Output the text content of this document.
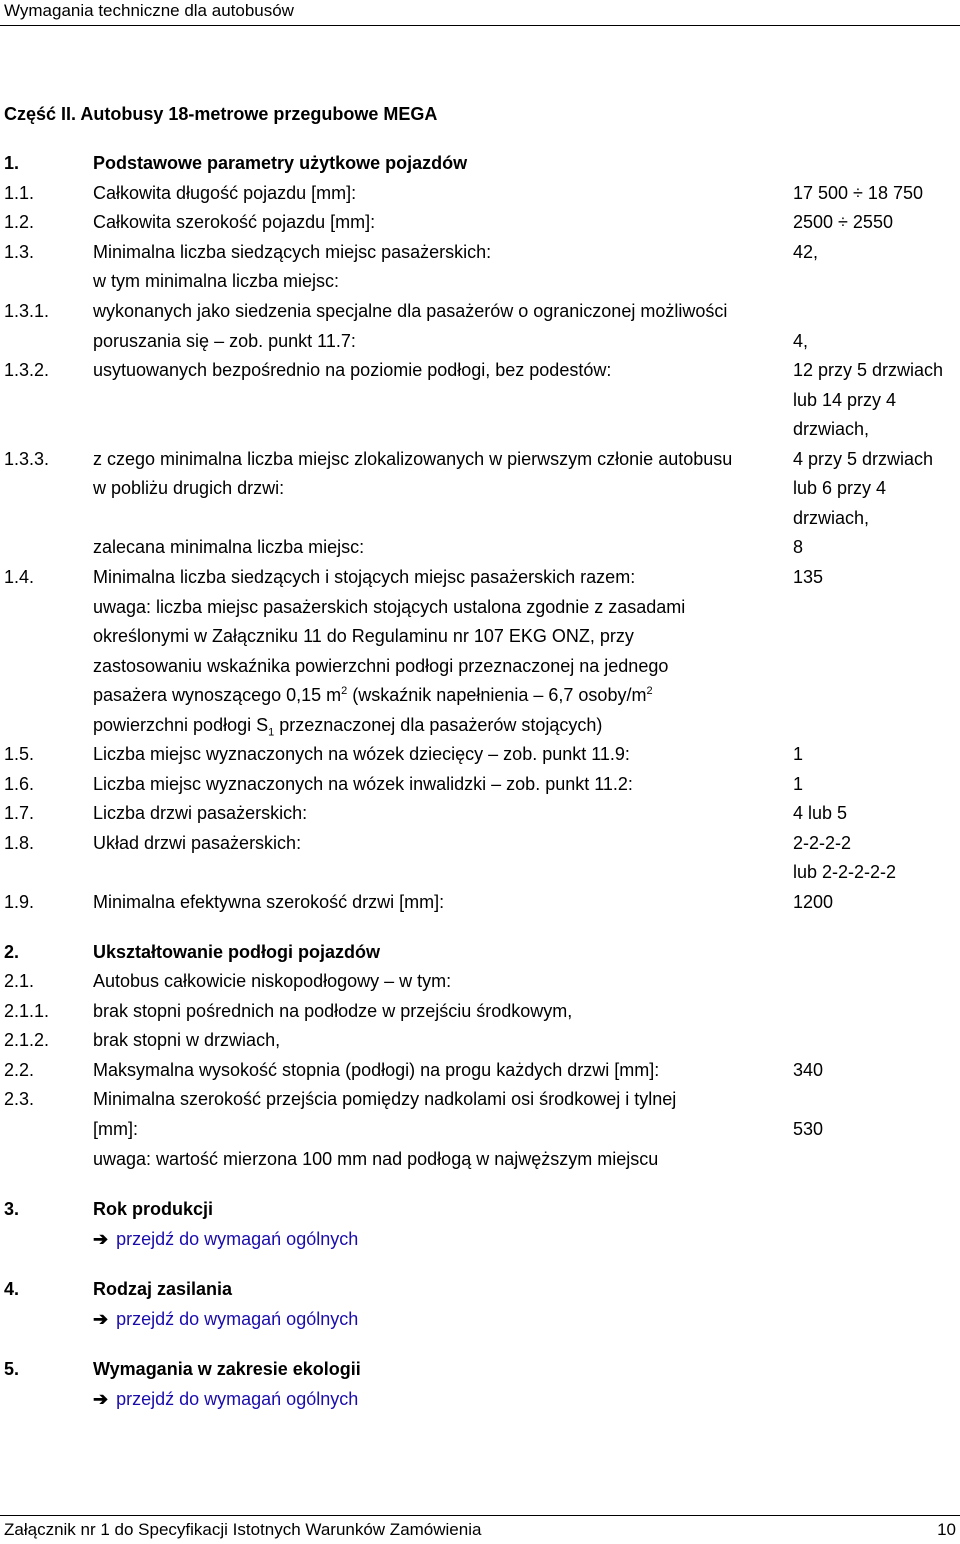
Wymagania techniczne dla autobusów
Część II. Autobusy 18-metrowe przegubowe MEGA
1.	Podstawowe parametry użytkowe pojazdów
1.1.	Całkowita długość pojazdu [mm]:	17 500 ÷ 18 750
1.2.	Całkowita szerokość pojazdu [mm]:	2500 ÷ 2550
1.3.	Minimalna liczba siedzących miejsc pasażerskich:	42,
w tym minimalna liczba miejsc:
1.3.1. wykonanych jako siedzenia specjalne dla pasażerów o ograniczonej możliwości
poruszania się – zob. punkt 11.7:	4,
1.3.2. usytuowanych bezpośrednio na poziomie podłogi, bez podestów:	12 przy 5 drzwiach
lub 14 przy 4
drzwiach,
1.3.3. z czego minimalna liczba miejsc zlokalizowanych w pierwszym członie autobusu	4 przy 5 drzwiach
w pobliżu drugich drzwi:	lub 6 przy 4
drzwiach,
zalecana minimalna liczba miejsc:	8
1.4.	Minimalna liczba siedzących i stojących miejsc pasażerskich razem:	135
uwaga: liczba miejsc pasażerskich stojących ustalona zgodnie z zasadami
określonymi w Załączniku 11 do Regulaminu nr 107 EKG ONZ, przy
zastosowaniu wskaźnika powierzchni podłogi przeznaczonej na jednego
pasażera wynoszącego 0,15 $m^2$ (wskaźnik napełnienia – 6,7 osoby/$m^2$
powierzchni podłogi $S_1$ przeznaczonej dla pasażerów stojących)
1.5.	Liczba miejsc wyznaczonych na wózek dziecięcy – zob. punkt 11.9:	1
1.6.	Liczba miejsc wyznaczonych na wózek inwalidzki – zob. punkt 11.2:	1
1.7.	Liczba drzwi pasażerskich:	4 lub 5
1.8.	Układ drzwi pasażerskich:	2-2-2-2
lub 2-2-2-2-2
1.9.	Minimalna efektywna szerokość drzwi [mm]:	1200
2.	Ukształtowanie podłogi pojazdów
2.1.	Autobus całkowicie niskopodłogowy – w tym:
2.1.1. brak stopni pośrednich na podłodze w przejściu środkowym,
2.1.2. brak stopni w drzwiach,
2.2.	Maksymalna wysokość stopnia (podłogi) na progu każdych drzwi [mm]:	340
2.3.	Minimalna szerokość przejścia pomiędzy nadkolami osi środkowej i tylnej
[mm]:	530
uwaga: wartość mierzona 100 mm nad podłogą w najwęższym miejscu
3.	Rok produkcji
➔ przejdź do wymagań ogólnych
4.	Rodzaj zasilania
➔ przejdź do wymagań ogólnych
5.	Wymagania w zakresie ekologii
➔ przejdź do wymagań ogólnych
Załącznik nr 1 do Specyfikacji Istotnych Warunków Zamówienia	10
